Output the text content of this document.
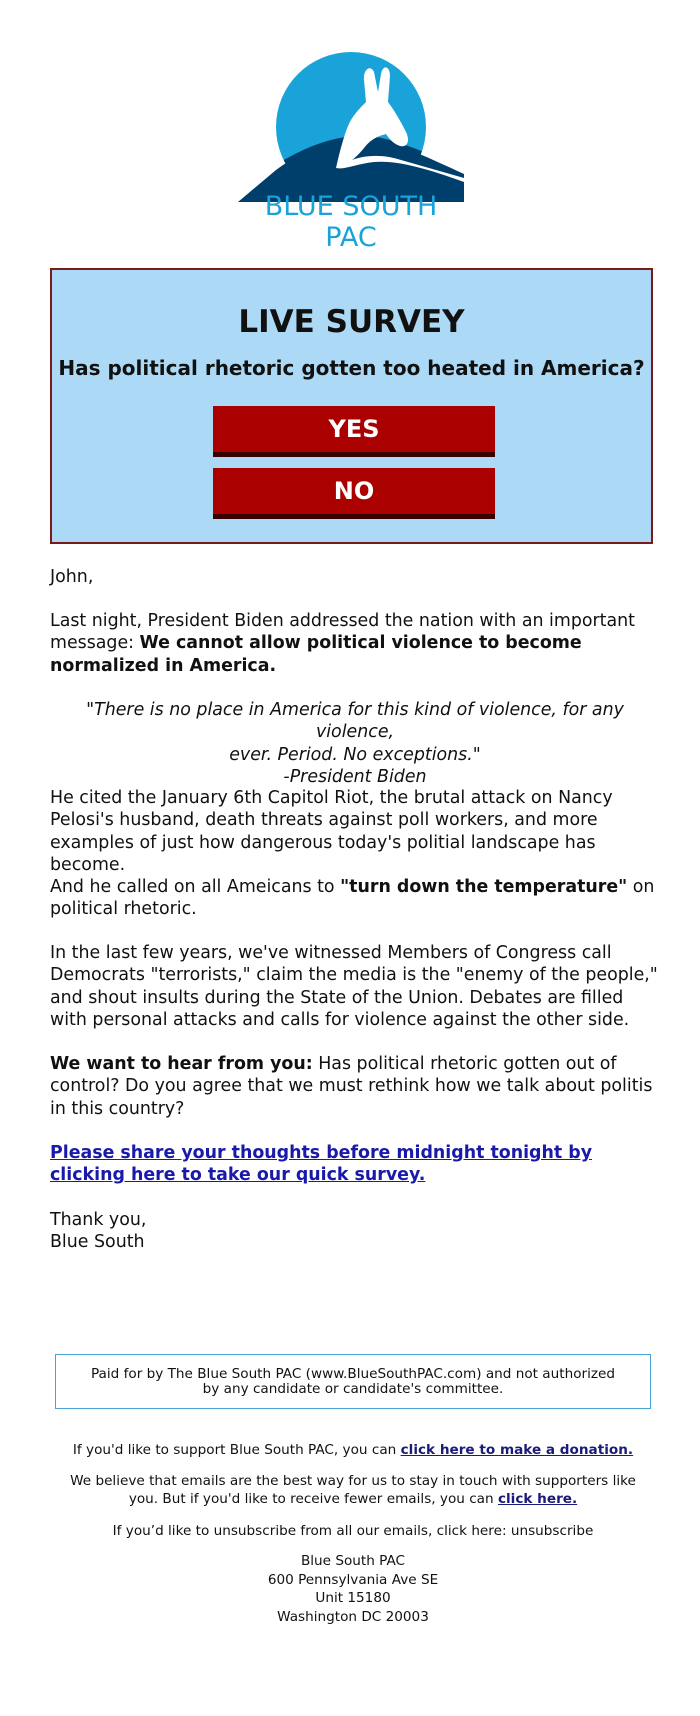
BLUE SOUTH PAC
LIVE SURVEY
Has political rhetoric gotten too heated in America?
YES
NO
John,
Last night, President Biden addressed the nation with an important message: We cannot allow political violence to become normalized in America.
"There is no place in America for this kind of violence, for any violence,
ever. Period. No exceptions."
-President Biden
He cited the January 6th Capitol Riot, the brutal attack on Nancy Pelosi's husband, death threats against poll workers, and more examples of just how dangerous today's politial landscape has become.
And he called on all Ameicans to "turn down the temperature" on political rhetoric.
In the last few years, we've witnessed Members of Congress call Democrats "terrorists," claim the media is the "enemy of the people," and shout insults during the State of the Union. Debates are filled with personal attacks and calls for violence against the other side.
We want to hear from you: Has political rhetoric gotten out of control? Do you agree that we must rethink how we talk about politis in this country?
Please share your thoughts before midnight tonight by clicking here to take our quick survey.
Thank you,
Blue South
Paid for by The Blue South PAC (www.BlueSouthPAC.com) and not authorized by any candidate or candidate's committee.
If you'd like to support Blue South PAC, you can click here to make a donation.
We believe that emails are the best way for us to stay in touch with supporters like you. But if you'd like to receive fewer emails, you can click here.
If you’d like to unsubscribe from all our emails, click here: unsubscribe
Blue South PAC
600 Pennsylvania Ave SE
Unit 15180
Washington DC 20003
